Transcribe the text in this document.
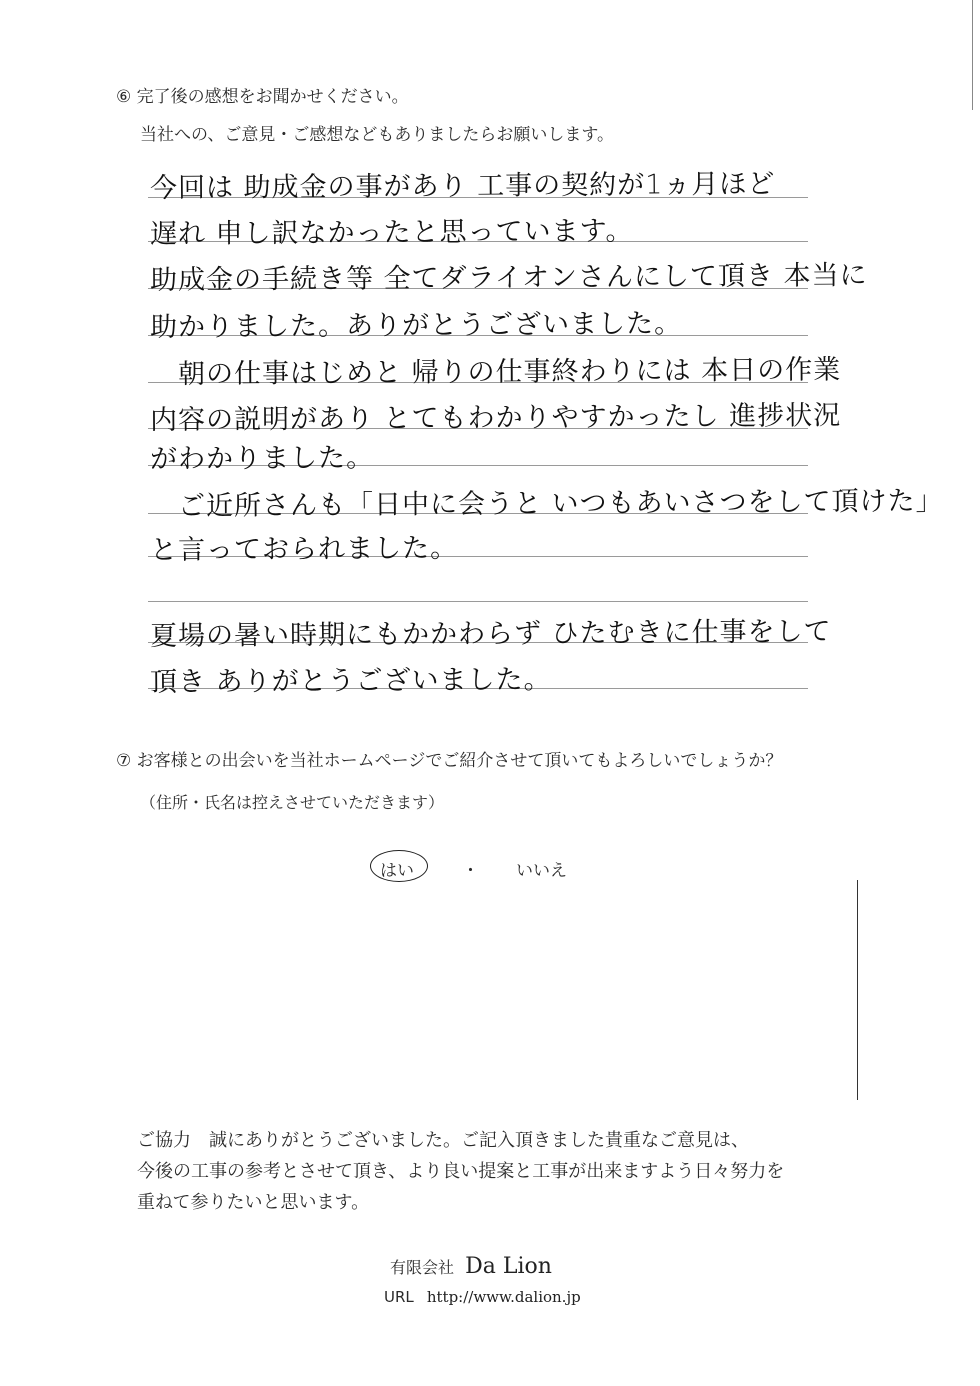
⑥ 完了後の感想をお聞かせください。
当社への、ご意見・ご感想などもありましたらお願いします。
今回は 助成金の事があり 工事の契約が1ヵ月ほど
遅れ 申し訳なかったと思っています。
助成金の手続き等 全てダライオンさんにして頂き 本当に
助かりました。ありがとうございました。
朝の仕事はじめと 帰りの仕事終わりには 本日の作業
内容の説明があり とてもわかりやすかったし 進捗状況
がわかりました。
ご近所さんも「日中に会うと いつもあいさつをして頂けた」
と言っておられました。
夏場の暑い時期にもかかわらず ひたむきに仕事をして
頂き ありがとうございました。
⑦ お客様との出会いを当社ホームページでご紹介させて頂いてもよろしいでしょうか？
（住所・氏名は控えさせていただきます）
はい	・ いいえ
ご協力　誠にありがとうございました。ご記入頂きました貴重なご意見は、
今後の工事の参考とさせて頂き、より良い提案と工事が出来ますよう日々努力を
重ねて参りたいと思います。
有限会社 Da Lion
URL http://www.dalion.jp
